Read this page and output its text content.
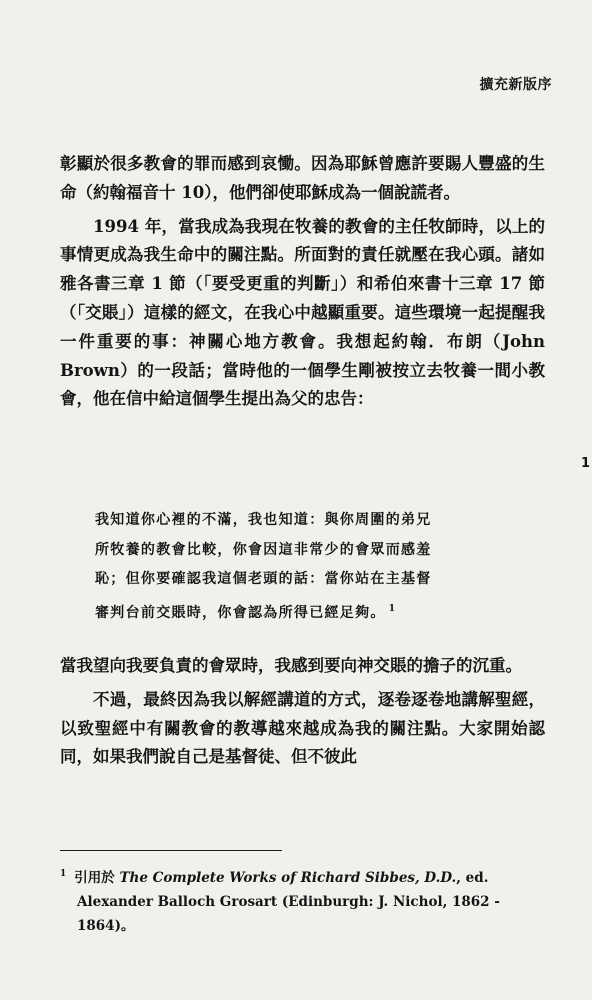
擴充新版序

彰顯於很多教會的罪而感到哀慟。因為耶穌曾應許要賜人豐盛的生命（約翰福音十 10），他們卻使耶穌成為一個說謊者。

1994 年，當我成為我現在牧養的教會的主任牧師時，以上的事情更成為我生命中的關注點。所面對的責任就壓在我心頭。諸如雅各書三章 1 節（「要受更重的判斷」）和希伯來書十三章 17 節（「交賬」）這樣的經文，在我心中越顯重要。這些環境一起提醒我一件重要的事：神關心地方教會。我想起約翰．布朗（John Brown）的一段話；當時他的一個學生剛被按立去牧養一間小教會，他在信中給這個學生提出為父的忠告：

我知道你心裡的不滿，我也知道：與你周圍的弟兄
所牧養的教會比較，你會因這非常少的會眾而感羞
恥；但你要確認我這個老頭的話：當你站在主基督
審判台前交賬時，你會認為所得已經足夠。 $^1$

當我望向我要負責的會眾時，我感到要向神交賬的擔子的沉重。

不過，最終因為我以解經講道的方式，逐卷逐卷地講解聖經，以致聖經中有關教會的教導越來越成為我的關注點。大家開始認同，如果我們說自己是基督徒、但不彼此

$^1$ 引用於 The Complete Works of Richard Sibbes, D.D., ed.
Alexander Balloch Grosart (Edinburgh: J. Nichol, 1862 - 1864)。
1
